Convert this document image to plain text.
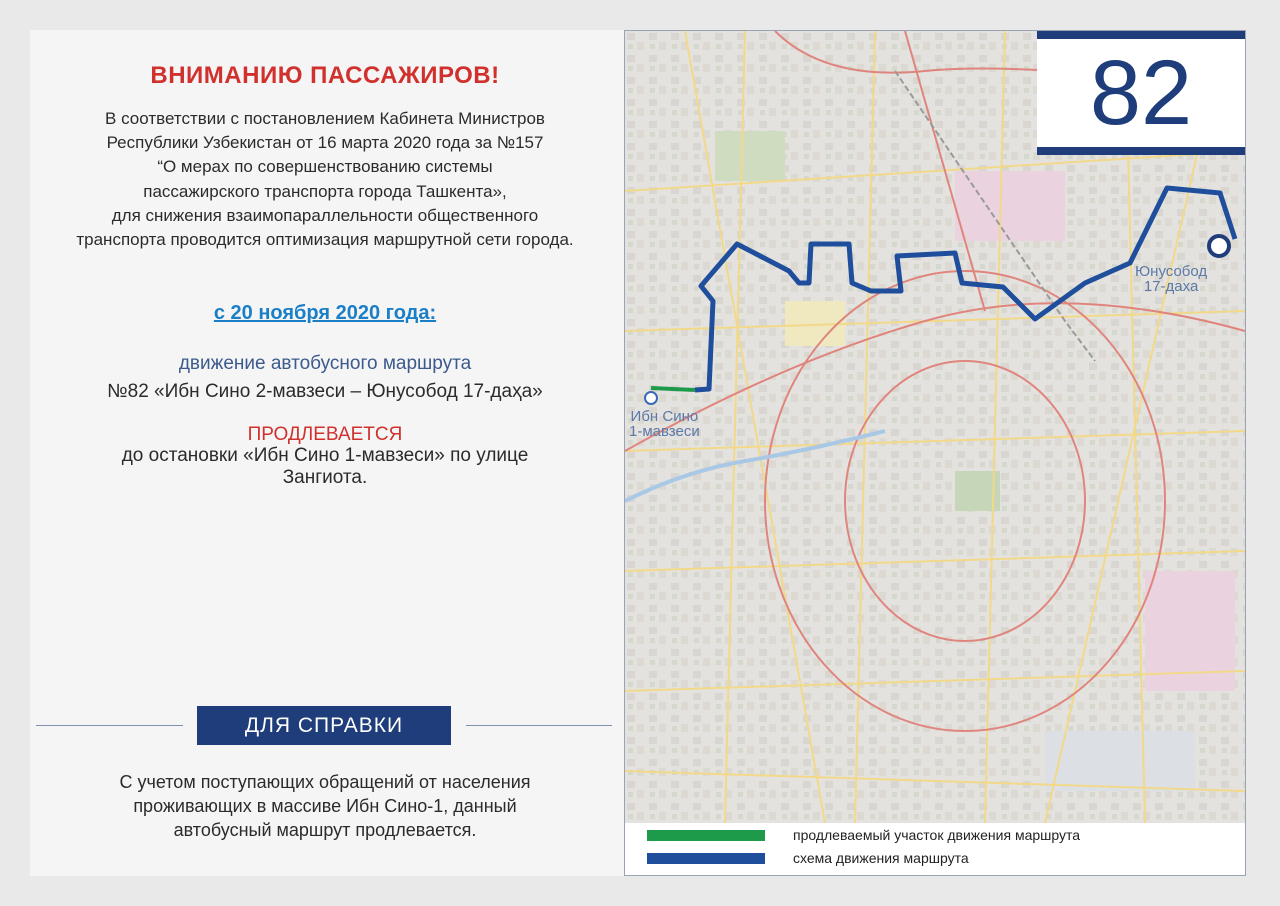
ВНИМАНИЮ ПАССАЖИРОВ!

В соответствии с постановлением Кабинета Министров
Республики Узбекистан от 16 марта 2020 года за №157
“О мерах по совершенствованию системы
пассажирского транспорта города Ташкента»,
для снижения взаимопараллельности общественного
транспорта проводится оптимизация маршрутной сети города.

с 20 ноября 2020 года:
движение автобусного маршрута
№82 «Ибн Сино 2-мавзеси – Юнусобод 17-даҳа»
ПРОДЛЕВАЕТСЯ

до остановки «Ибн Сино 1-мавзеси» по улице
Зангиота.

ДЛЯ СПРАВКИ

С учетом поступающих обращений от населения
проживающих в массиве Ибн Сино-1, данный
автобусный маршрут продлевается.

82
Ибн Сино
1-мавзеси
Юнусобод
17-даха
продлеваемый участок движения маршрута
схема движения маршрута
